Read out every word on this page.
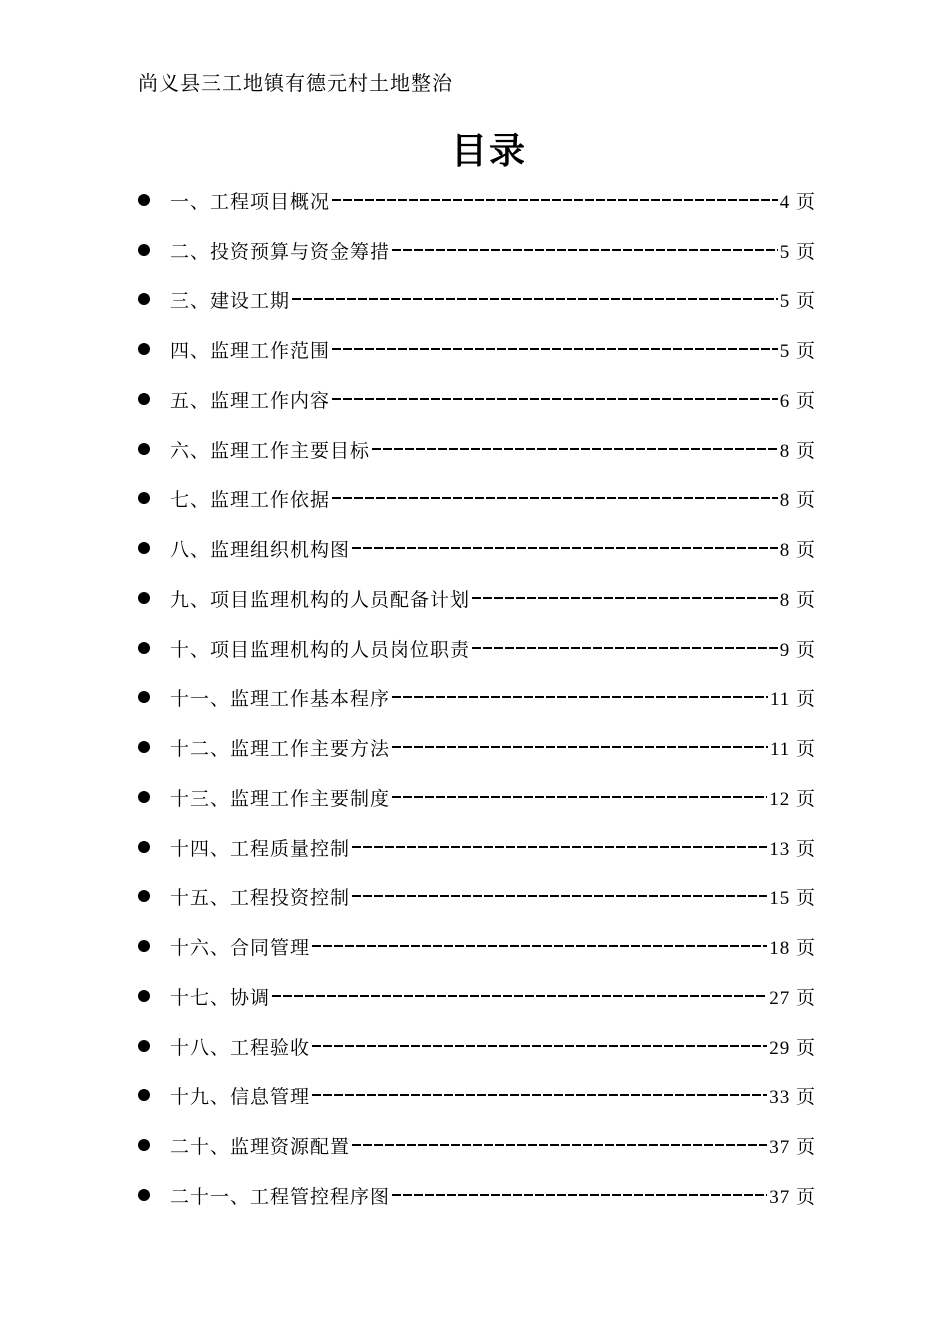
尚义县三工地镇有德元村土地整治
目录
一、工程项目概况	4 页
二、投资预算与资金筹措	5 页
三、建设工期	5 页
四、监理工作范围	5 页
五、监理工作内容	6 页
六、监理工作主要目标	8 页
七、监理工作依据	8 页
八、监理组织机构图	8 页
九、项目监理机构的人员配备计划	8 页
十、项目监理机构的人员岗位职责	9 页
十一、监理工作基本程序	11 页
十二、监理工作主要方法	11 页
十三、监理工作主要制度	12 页
十四、工程质量控制	13 页
十五、工程投资控制	15 页
十六、合同管理	18 页
十七、协调	27 页
十八、工程验收	29 页
十九、信息管理	33 页
二十、监理资源配置	37 页
二十一、工程管控程序图	37 页
